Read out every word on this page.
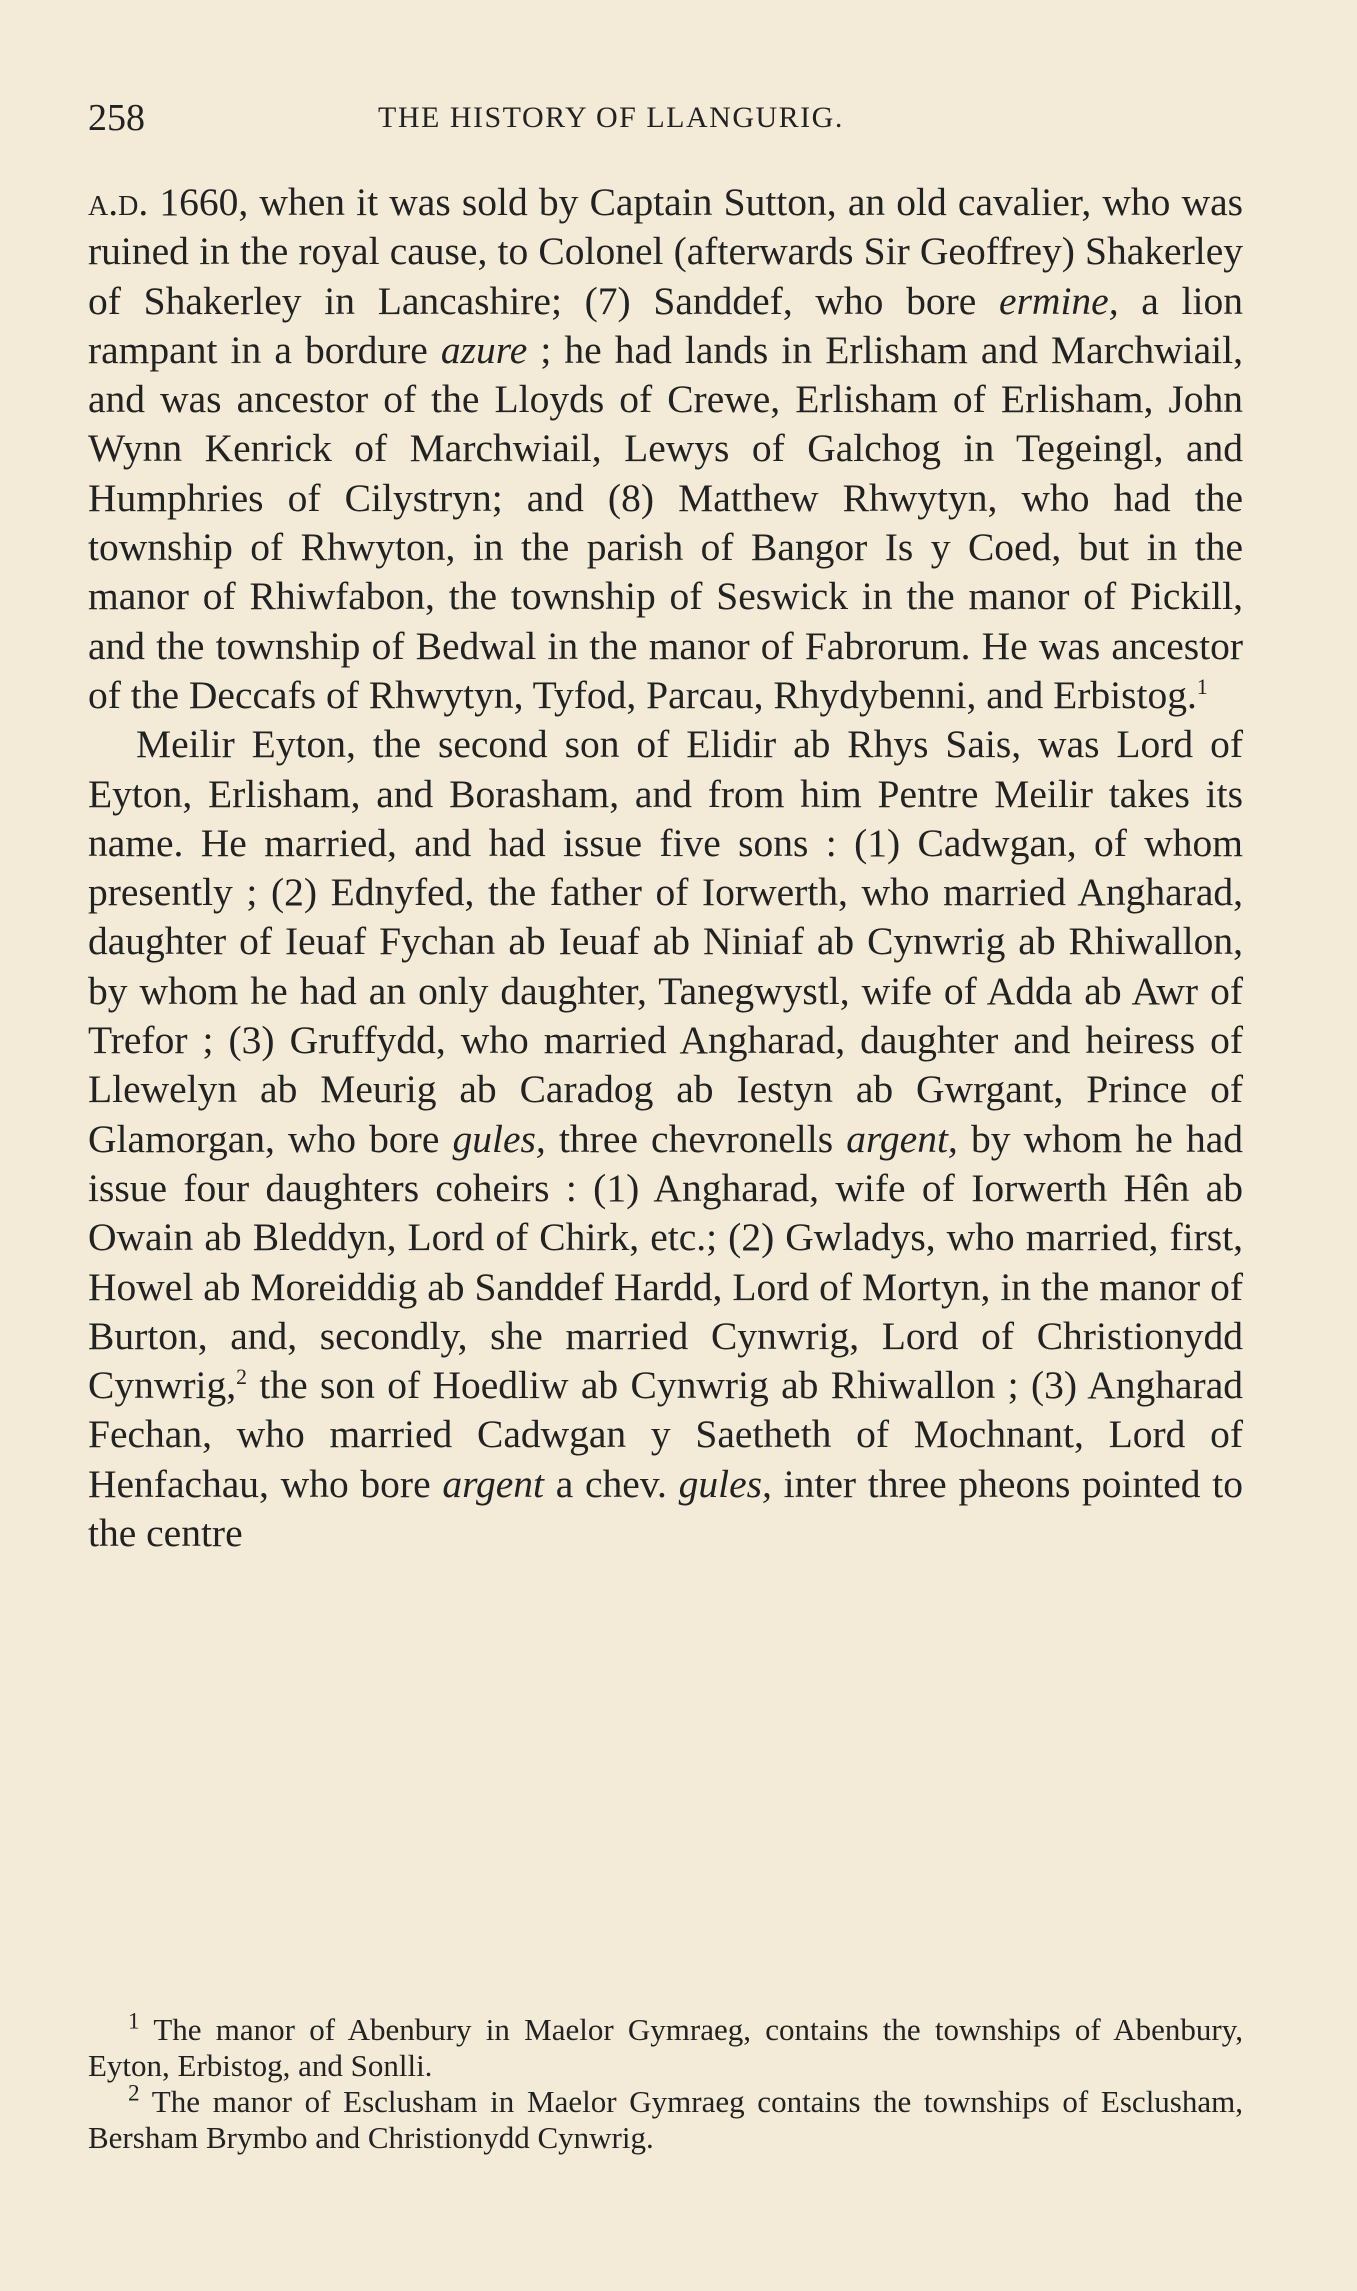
258	THE HISTORY OF LLANGURIG.

a.d. 1660, when it was sold by Captain Sutton, an old cavalier, who was ruined in the royal cause, to Colonel (afterwards Sir Geoffrey) Shakerley of Shakerley in Lancashire; (7) Sanddef, who bore ermine, a lion rampant in a bordure azure ; he had lands in Erlisham and Marchwiail, and was ancestor of the Lloyds of Crewe, Erlisham of Erlisham, John Wynn Kenrick of Marchwiail, Lewys of Galchog in Tegeingl, and Humphries of Cilystryn; and (8) Matthew Rhwytyn, who had the township of Rhwyton, in the parish of Bangor Is y Coed, but in the manor of Rhiwfabon, the township of Seswick in the manor of Pickill, and the township of Bedwal in the manor of Fabrorum. He was ancestor of the Deccafs of Rhwytyn, Tyfod, Parcau, Rhydybenni, and Erbistog.$^1$

Meilir Eyton, the second son of Elidir ab Rhys Sais, was Lord of Eyton, Erlisham, and Borasham, and from him Pentre Meilir takes its name. He married, and had issue five sons : (1) Cadwgan, of whom presently ; (2) Ednyfed, the father of Iorwerth, who married Angharad, daughter of Ieuaf Fychan ab Ieuaf ab Niniaf ab Cynwrig ab Rhiwallon, by whom he had an only daughter, Tanegwystl, wife of Adda ab Awr of Trefor ; (3) Gruffydd, who married Angharad, daughter and heiress of Llewelyn ab Meurig ab Caradog ab Iestyn ab Gwrgant, Prince of Glamorgan, who bore gules, three chevronells argent, by whom he had issue four daughters coheirs : (1) Angharad, wife of Iorwerth Hên ab Owain ab Bleddyn, Lord of Chirk, etc.; (2) Gwladys, who married, first, Howel ab Moreiddig ab Sanddef Hardd, Lord of Mortyn, in the manor of Burton, and, secondly, she married Cynwrig, Lord of Christionydd Cynwrig,$^2$ the son of Hoedliw ab Cynwrig ab Rhiwallon ; (3) Angharad Fechan, who married Cadwgan y Saetheth of Mochnant, Lord of Henfachau, who bore argent a chev. gules, inter three pheons pointed to the centre

$^1$ The manor of Abenbury in Maelor Gymraeg, contains the townships of Abenbury, Eyton, Erbistog, and Sonlli.

$^2$ The manor of Esclusham in Maelor Gymraeg contains the townships of Esclusham, Bersham Brymbo and Christionydd Cynwrig.
